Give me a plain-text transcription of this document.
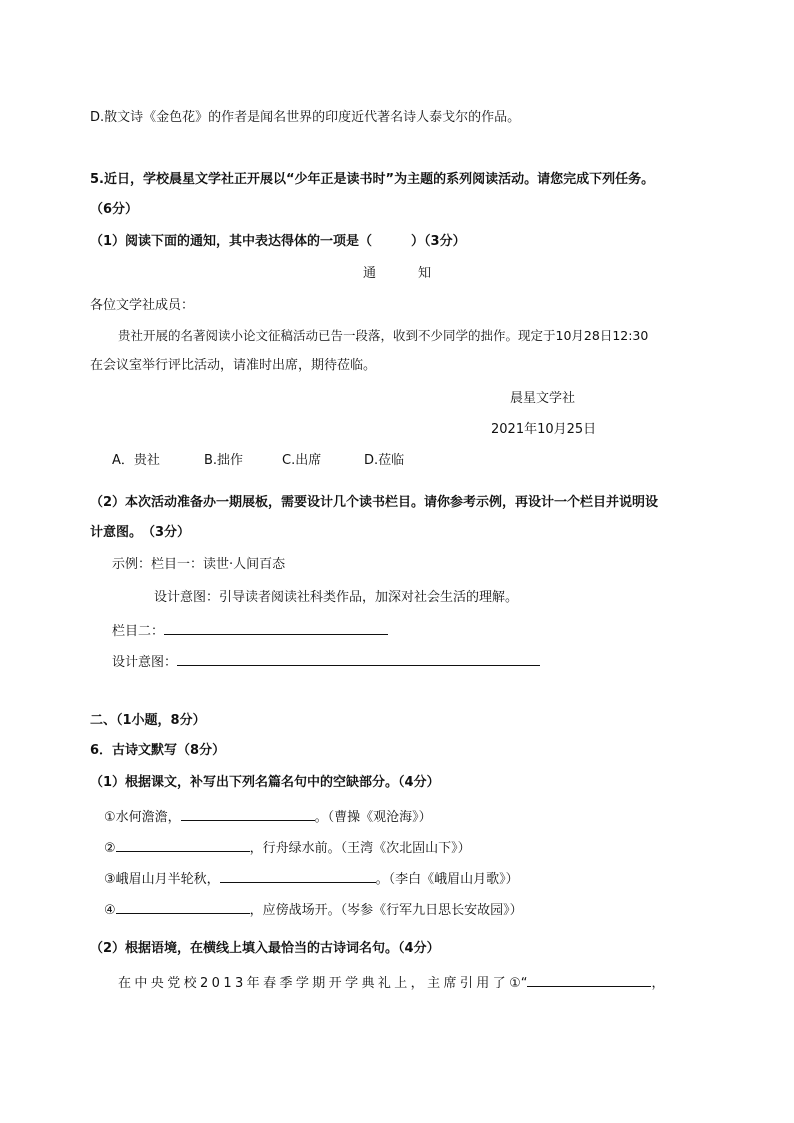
D.散文诗《金色花》的作者是闻名世界的印度近代著名诗人泰戈尔的作品。
5.近日，学校晨星文学社正开展以“少年正是读书时”为主题的系列阅读活动。请您完成下列任务。
（6分）
（1）阅读下面的通知，其中表达得体的一项是（　　　）（3分）
通	知
各位文学社成员：
贵社开展的名著阅读小论文征稿活动已告一段落，收到不少同学的拙作。现定于10月28日12:30
在会议室举行评比活动，请准时出席，期待莅临。
晨星文学社
2021年10月25日
A．贵社	B.拙作	C.出席	D.莅临
（2）本次活动准备办一期展板，需要设计几个读书栏目。请你参考示例，再设计一个栏目并说明设
计意图。　（3分）
示例：栏目一：读世·人间百态
设计意图：引导读者阅读社科类作品，加深对社会生活的理解。
栏目二：
设计意图：
二、（1小题，8分）
6．古诗文默写（8分）
（1）根据课文，补写出下列名篇名句中的空缺部分。（4分）
①水何澹澹，	。（曹操《观沧海》）
②	，行舟绿水前。（王湾《次北固山下》）
③峨眉山月半轮秋，	。（李白《峨眉山月歌》）
④	，应傍战场开。（岑参《行军九日思长安故园》）
（2）根据语境，在横线上填入最恰当的古诗词名句。（4分）
在中央党校2013年春季学期开学典礼上，主席引用了①“	，
